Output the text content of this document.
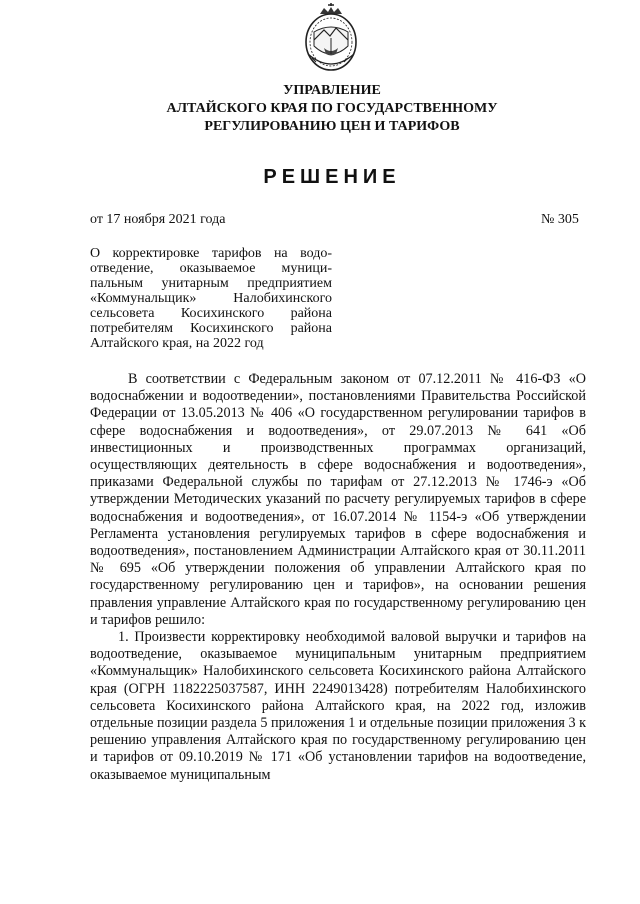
УПРАВЛЕНИЕ
АЛТАЙСКОГО КРАЯ ПО ГОСУДАРСТВЕННОМУ
РЕГУЛИРОВАНИЮ ЦЕН И ТАРИФОВ
РЕШЕНИЕ
от 17 ноября 2021 года	№ 305
О корректировке тарифов на водо-отведение, оказываемое муници-пальным унитарным предприятием «Коммунальщик» Налобихинского сельсовета Косихинского района потребителям Косихинского района Алтайского края, на 2022 год

В соответствии с Федеральным законом от 07.12.2011 № 416-ФЗ «О водоснабжении и водоотведении», постановлениями Правительства Российской Федерации от 13.05.2013 № 406 «О государственном регулировании тарифов в сфере водоснабжения и водоотведения», от 29.07.2013 № 641 «Об инвестиционных и производственных программах организаций, осуществляющих деятельность в сфере водоснабжения и водоотведения», приказами Федеральной службы по тарифам от 27.12.2013 № 1746-э «Об утверждении Методических указаний по расчету регулируемых тарифов в сфере водоснабжения и водоотведения», от 16.07.2014 № 1154-э «Об утверждении Регламента установления регулируемых тарифов в сфере водоснабжения и водоотведения», постановлением Администрации Алтайского края от 30.11.2011 № 695 «Об утверждении положения об управлении Алтайского края по государственному регулированию цен и тарифов», на основании решения правления управление Алтайского края по государственному регулированию цен и тарифов решило:

1. Произвести корректировку необходимой валовой выручки и тарифов на водоотведение, оказываемое муниципальным унитарным предприятием «Коммунальщик» Налобихинского сельсовета Косихинского района Алтайского края (ОГРН 1182225037587, ИНН 2249013428) потребителям Налобихинского сельсовета Косихинского района Алтайского края, на 2022 год, изложив отдельные позиции раздела 5 приложения 1 и отдельные позиции приложения 3 к решению управления Алтайского края по государственному регулированию цен и тарифов от 09.10.2019 № 171 «Об установлении тарифов на водоотведение, оказываемое муниципальным
